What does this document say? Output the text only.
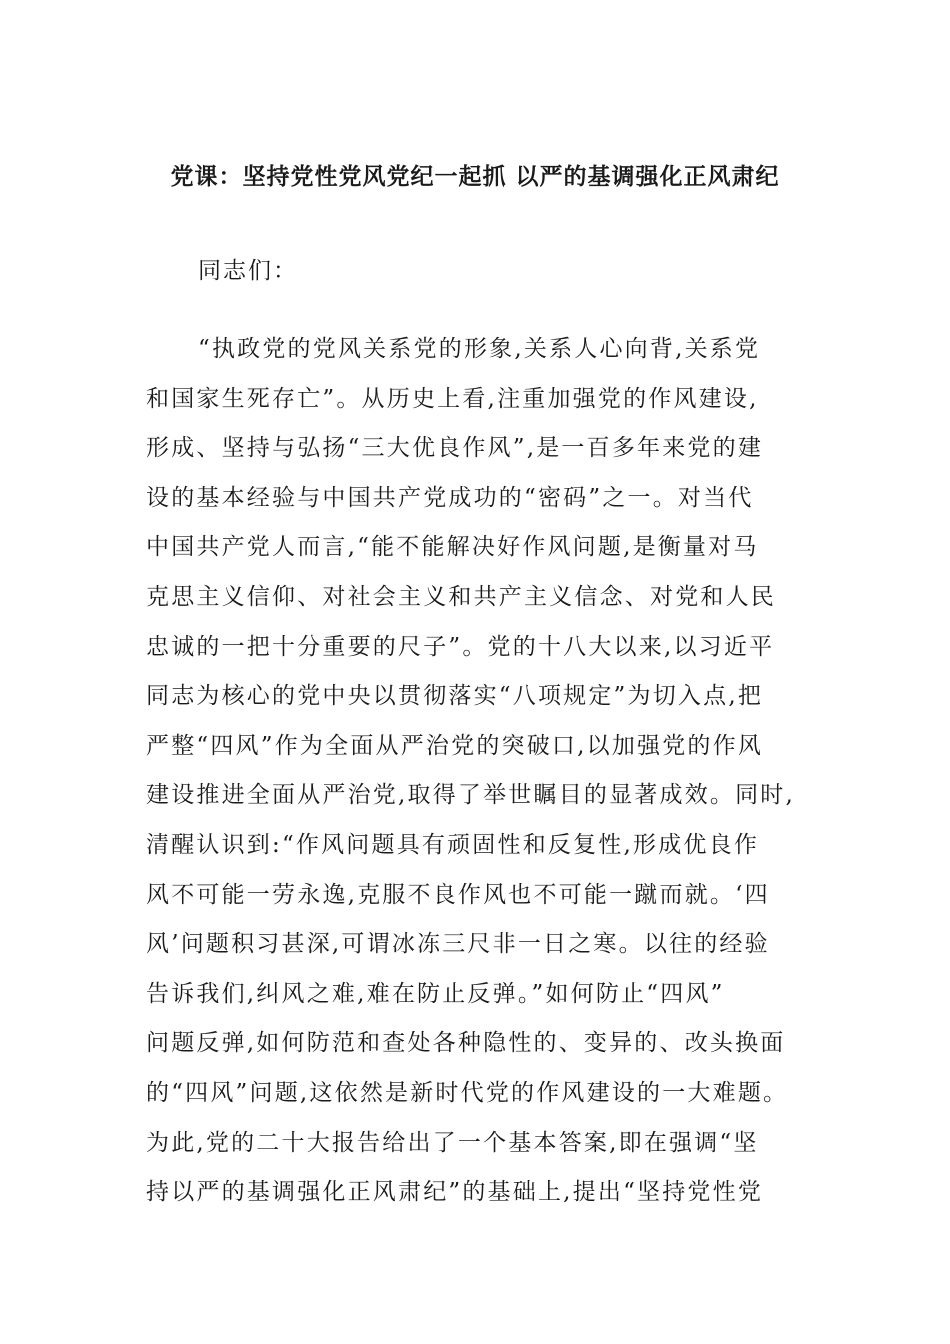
党课：坚持党性党风党纪一起抓 以严的基调强化正风肃纪
同志们：
“执政党的党风关系党的形象,关系人心向背,关系党
和国家生死存亡”。从历史上看,注重加强党的作风建设,
形成、坚持与弘扬“三大优良作风”,是一百多年来党的建
设的基本经验与中国共产党成功的“密码”之一。对当代
中国共产党人而言,“能不能解决好作风问题,是衡量对马
克思主义信仰、对社会主义和共产主义信念、对党和人民
忠诚的一把十分重要的尺子”。党的十八大以来,以习近平
同志为核心的党中央以贯彻落实“八项规定”为切入点,把
严整“四风”作为全面从严治党的突破口,以加强党的作风
建设推进全面从严治党,取得了举世瞩目的显著成效。同时,
清醒认识到:“作风问题具有顽固性和反复性,形成优良作
风不可能一劳永逸,克服不良作风也不可能一蹴而就。‘四
风’问题积习甚深,可谓冰冻三尺非一日之寒。以往的经验
告诉我们,纠风之难,难在防止反弹。”如何防止“四风”
问题反弹,如何防范和查处各种隐性的、变异的、改头换面
的“四风”问题,这依然是新时代党的作风建设的一大难题。
为此,党的二十大报告给出了一个基本答案,即在强调“坚
持以严的基调强化正风肃纪”的基础上,提出“坚持党性党
